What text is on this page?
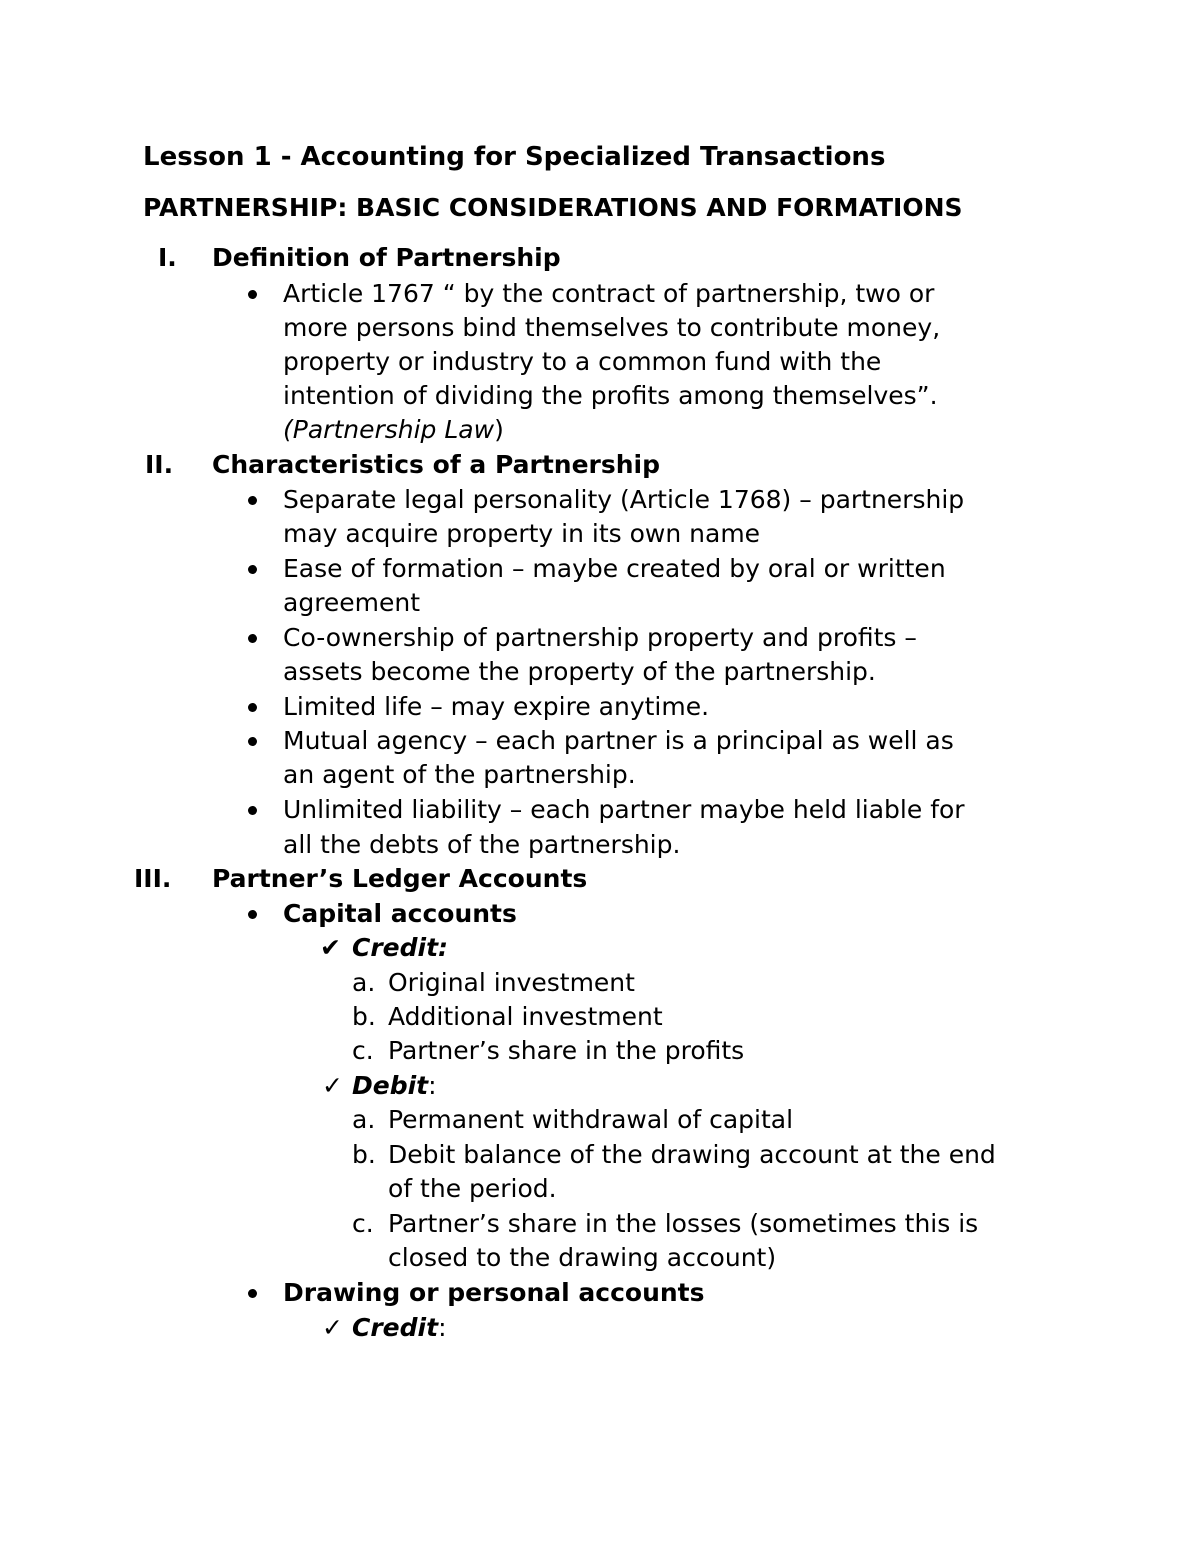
Lesson 1 - Accounting for Specialized Transactions
PARTNERSHIP: BASIC CONSIDERATIONS AND FORMATIONS
I. Definition of Partnership
Article 1767 “ by the contract of partnership, two or
more persons bind themselves to contribute money,
property or industry to a common fund with the
intention of dividing the profits among themselves”.
(Partnership Law)
II. Characteristics of a Partnership
Separate legal personality (Article 1768) – partnership
may acquire property in its own name
Ease of formation – maybe created by oral or written
agreement
Co-ownership of partnership property and profits –
assets become the property of the partnership.
Limited life – may expire anytime.
Mutual agency – each partner is a principal as well as
an agent of the partnership.
Unlimited liability – each partner maybe held liable for
all the debts of the partnership.
III. Partner’s Ledger Accounts
Capital accounts
✔ Credit:
a. Original investment
b. Additional investment
c. Partner’s share in the profits
✓ Debit:
a. Permanent withdrawal of capital
b. Debit balance of the drawing account at the end
of the period.
c. Partner’s share in the losses (sometimes this is
closed to the drawing account)
Drawing or personal accounts
✓ Credit:
